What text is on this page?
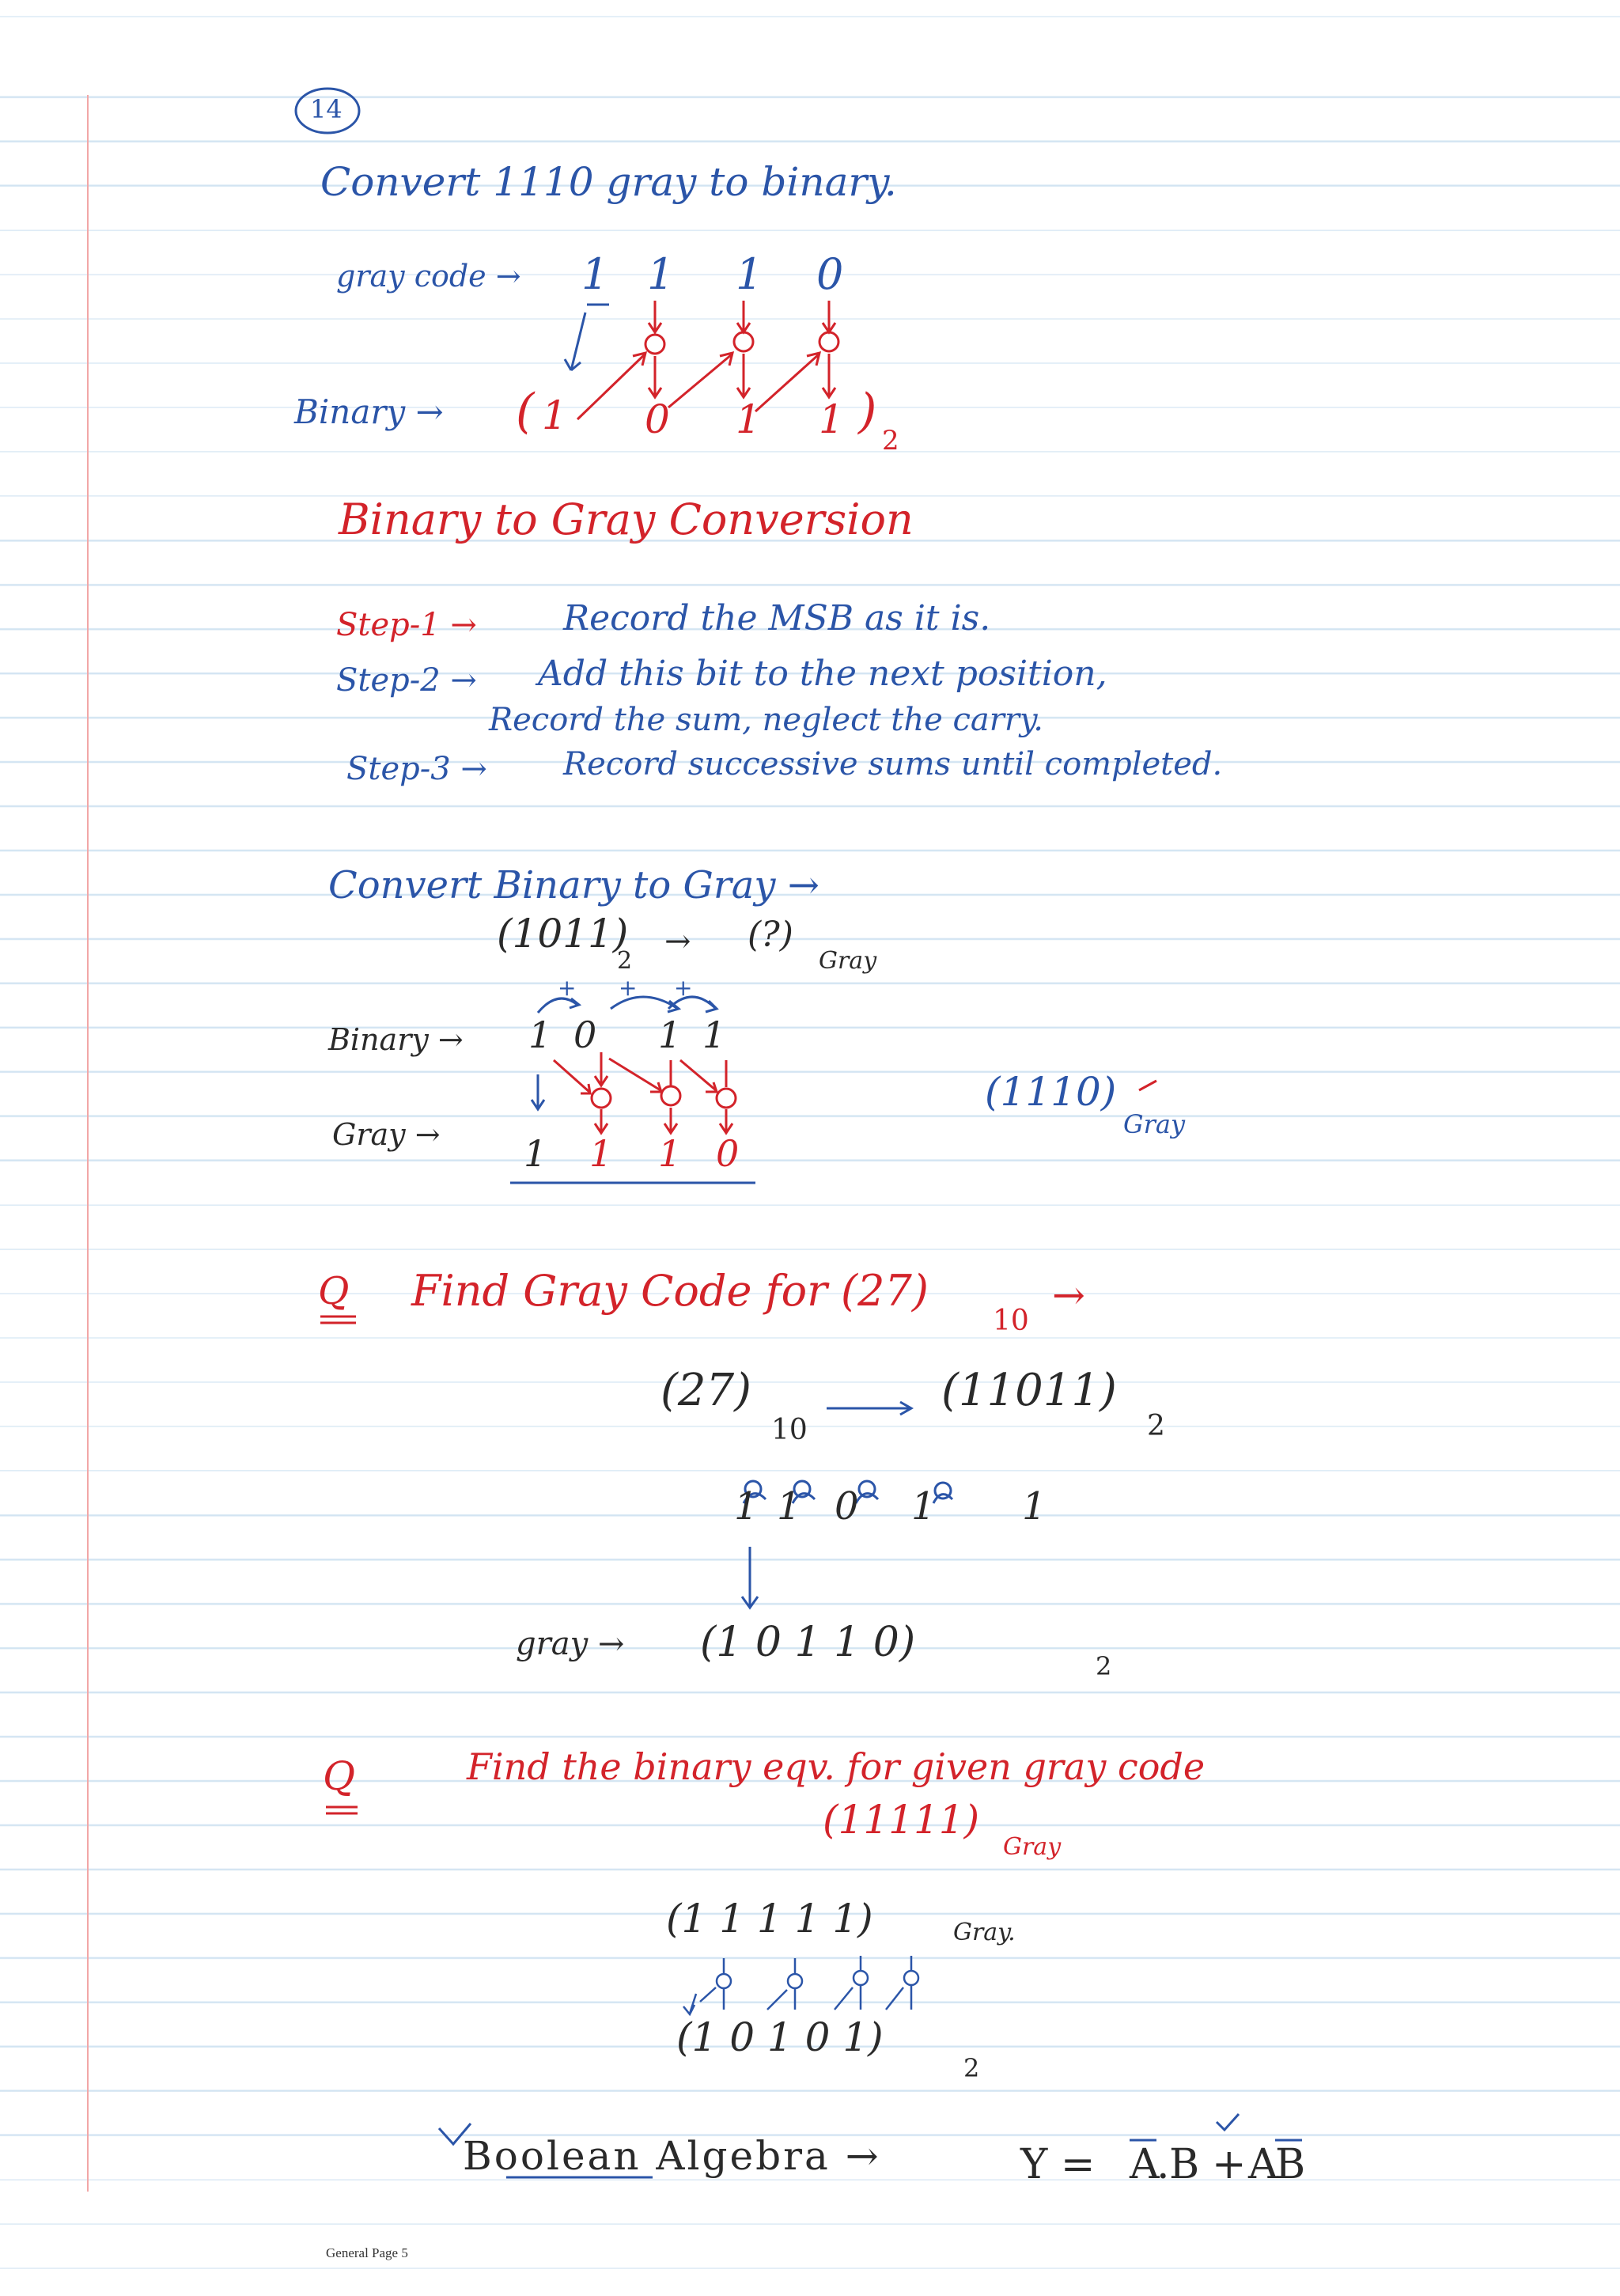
14
Convert 1110 gray to binary.
gray code → 1 1 1 0
Binary → ( 1 0 1 1 )
2
Binary to Gray Conversion
Step-1 → Record the MSB as it is.
Step-2 → Add this bit to the next position,
Record the sum, neglect the carry.
Step-3 → Record successive sums until completed.
Convert Binary to Gray →
(1011)
2
→ (?)
Gray
+ + +
Binary → 1 0 1 1
Gray → 1 1 1 0
(1110)
Gray
Q Find Gray Code for (27)
10
→
(27)
10
(11011)
2
1 1 0 1 1
gray → (1 0 1 1 0)	2
Q	Find the binary eqv. for given gray code
(11111)
Gray
(1 1 1 1 1)	Gray.
(1 0 1 0 1)
2
Boolean Algebra →	Y = A
. B + A
B
General Page 5
